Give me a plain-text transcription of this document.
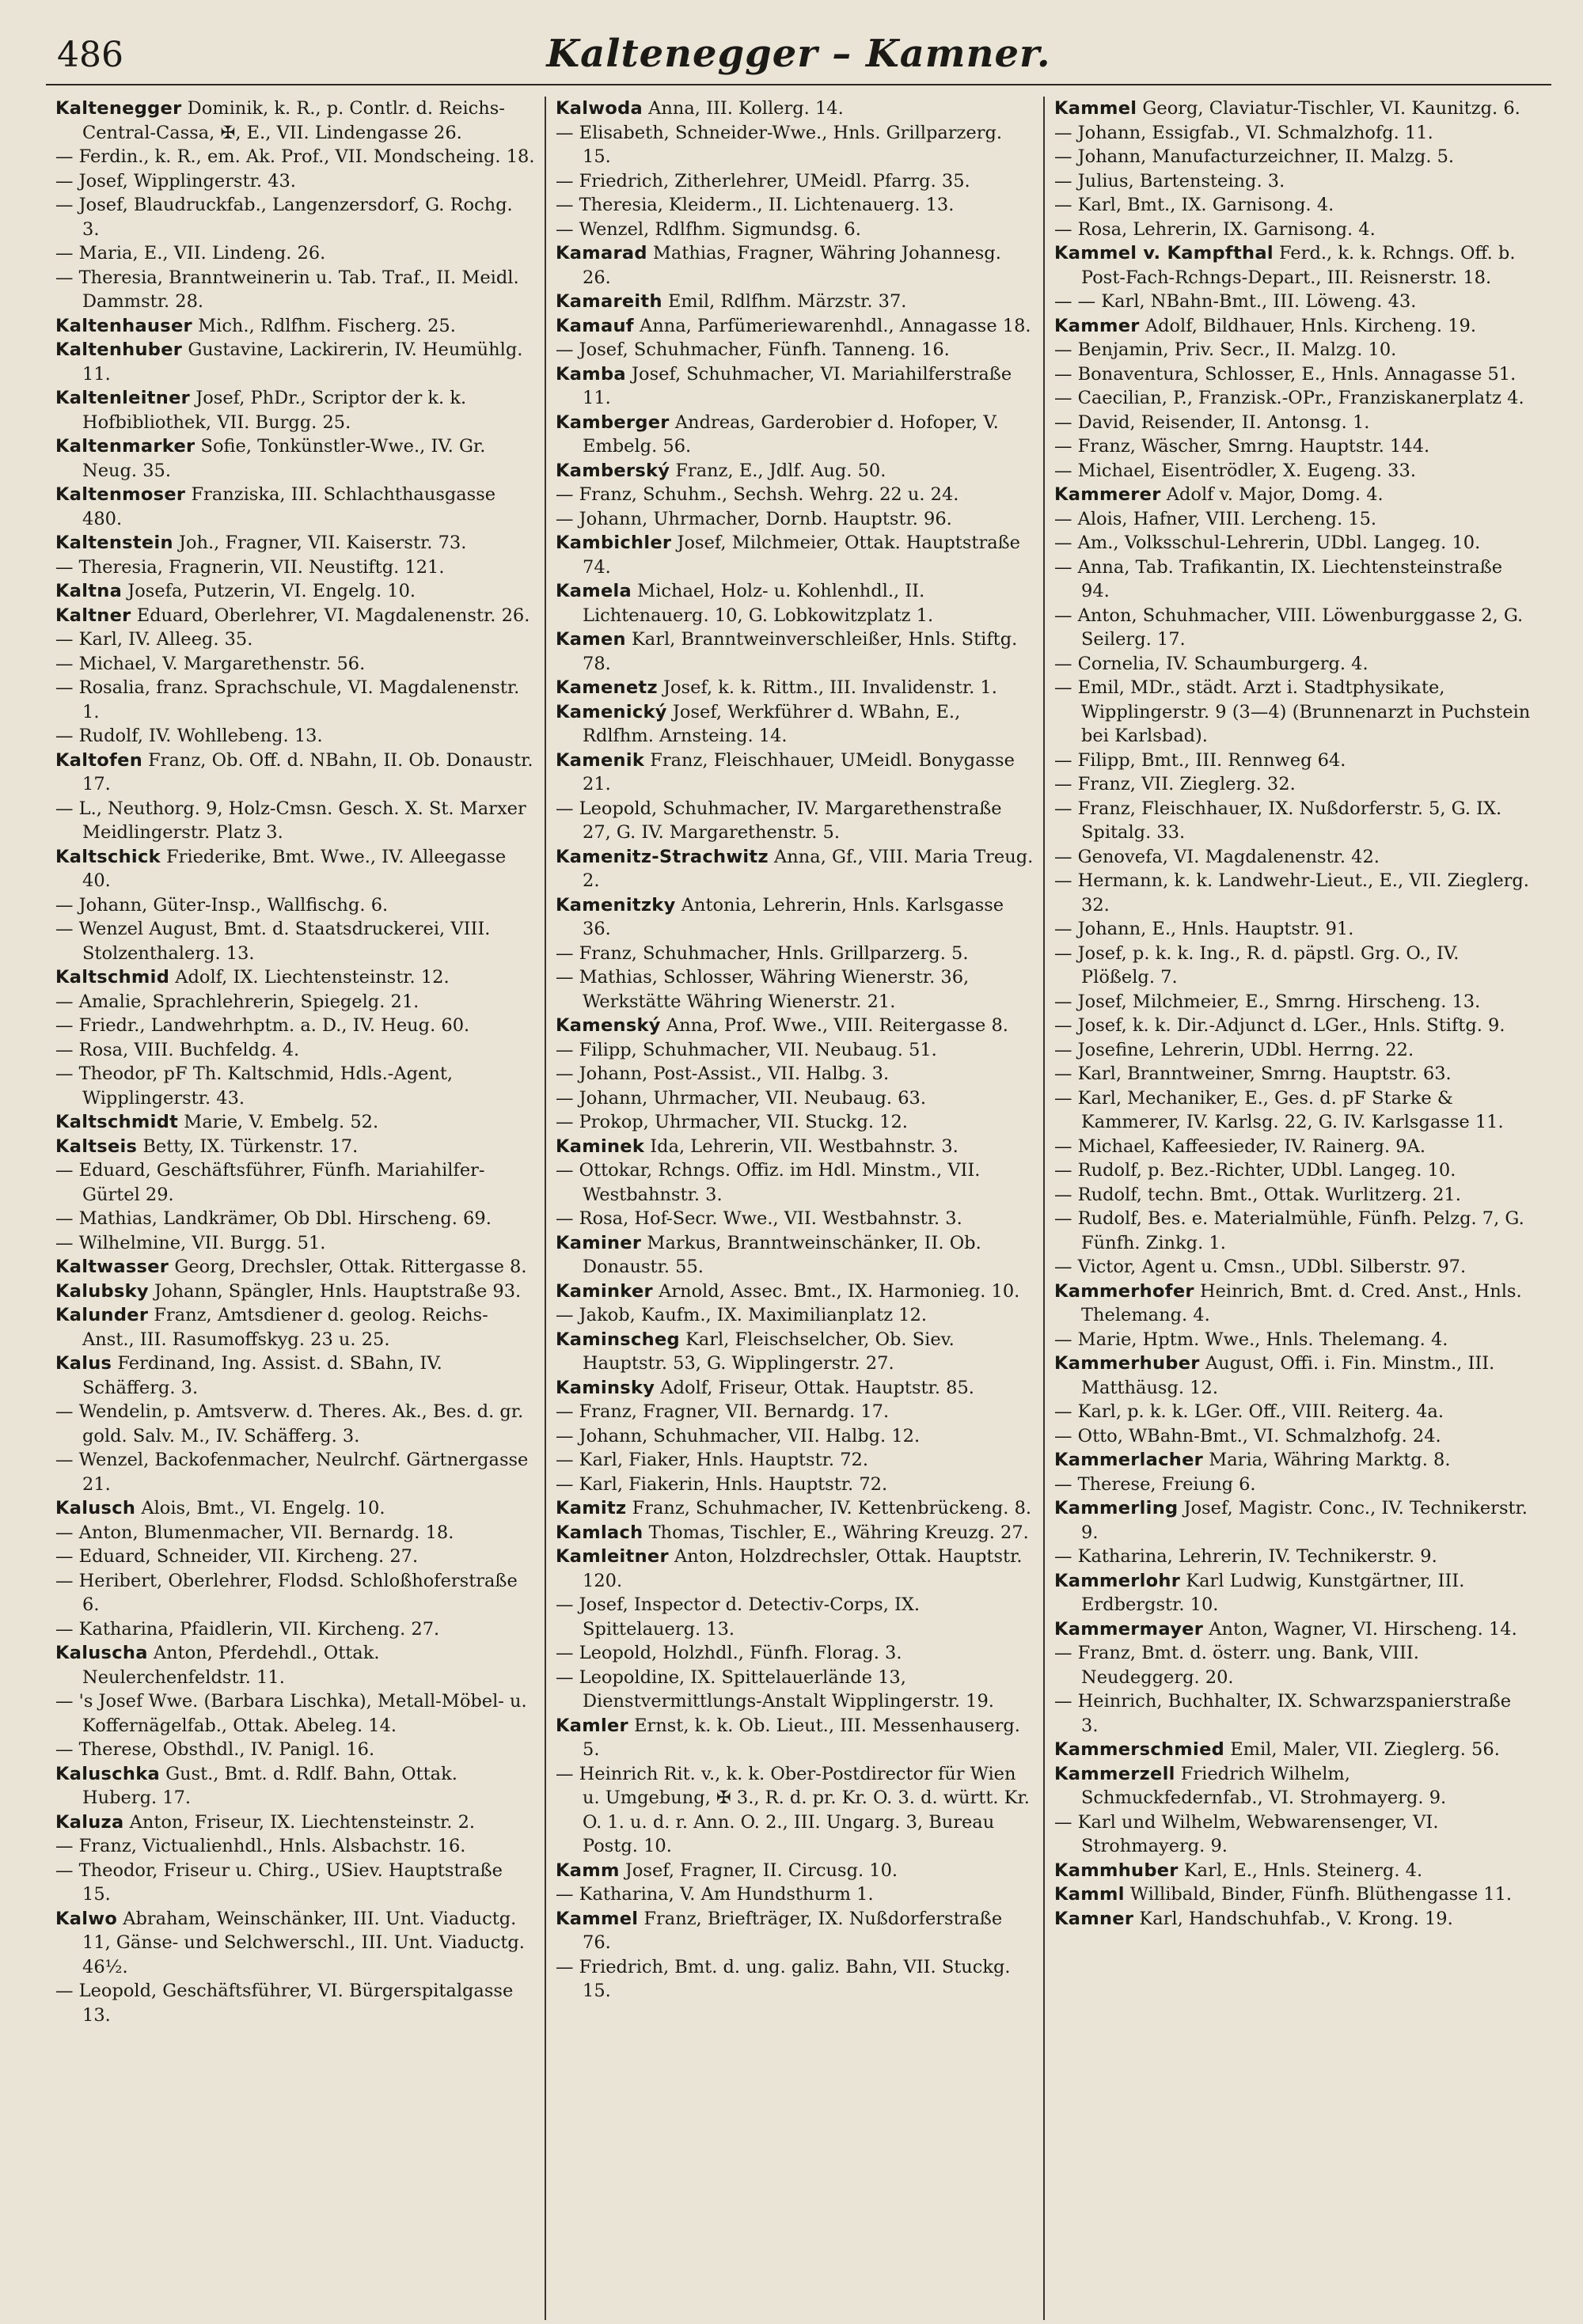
486	Kaltenegger – Kamner.

Kaltenegger Dominik, k. R., p. Contlr. d. Reichs-Central-Cassa, ✠, E., VII. Lindengasse 26.

— Ferdin., k. R., em. Ak. Prof., VII. Mondscheing. 18.

— Josef, Wipplingerstr. 43.

— Josef, Blaudruckfab., Langenzersdorf, G. Rochg. 3.

— Maria, E., VII. Lindeng. 26.

— Theresia, Branntweinerin u. Tab. Traf., II. Meidl. Dammstr. 28.

Kaltenhauser Mich., Rdlfhm. Fischerg. 25.

Kaltenhuber Gustavine, Lackirerin, IV. Heumühlg. 11.

Kaltenleitner Josef, PhDr., Scriptor der k. k. Hofbibliothek, VII. Burgg. 25.

Kaltenmarker Sofie, Tonkünstler-Wwe., IV. Gr. Neug. 35.

Kaltenmoser Franziska, III. Schlachthausgasse 480.

Kaltenstein Joh., Fragner, VII. Kaiserstr. 73.

— Theresia, Fragnerin, VII. Neustiftg. 121.

Kaltna Josefa, Putzerin, VI. Engelg. 10.

Kaltner Eduard, Oberlehrer, VI. Magdalenenstr. 26.

— Karl, IV. Alleeg. 35.

— Michael, V. Margarethenstr. 56.

— Rosalia, franz. Sprachschule, VI. Magdalenenstr. 1.

— Rudolf, IV. Wohllebeng. 13.

Kaltofen Franz, Ob. Off. d. NBahn, II. Ob. Donaustr. 17.

— L., Neuthorg. 9, Holz-Cmsn. Gesch. X. St. Marxer Meidlingerstr. Platz 3.

Kaltschick Friederike, Bmt. Wwe., IV. Alleegasse 40.

— Johann, Güter-Insp., Wallfischg. 6.

— Wenzel August, Bmt. d. Staatsdruckerei, VIII. Stolzenthalerg. 13.

Kaltschmid Adolf, IX. Liechtensteinstr. 12.

— Amalie, Sprachlehrerin, Spiegelg. 21.

— Friedr., Landwehrhptm. a. D., IV. Heug. 60.

— Rosa, VIII. Buchfeldg. 4.

— Theodor, pF Th. Kaltschmid, Hdls.-Agent, Wipplingerstr. 43.

Kaltschmidt Marie, V. Embelg. 52.

Kaltseis Betty, IX. Türkenstr. 17.

— Eduard, Geschäftsführer, Fünfh. Mariahilfer-Gürtel 29.

— Mathias, Landkrämer, Ob Dbl. Hirscheng. 69.

— Wilhelmine, VII. Burgg. 51.

Kaltwasser Georg, Drechsler, Ottak. Rittergasse 8.

Kalubsky Johann, Spängler, Hnls. Hauptstraße 93.

Kalunder Franz, Amtsdiener d. geolog. Reichs-Anst., III. Rasumoffskyg. 23 u. 25.

Kalus Ferdinand, Ing. Assist. d. SBahn, IV. Schäfferg. 3.

— Wendelin, p. Amtsverw. d. Theres. Ak., Bes. d. gr. gold. Salv. M., IV. Schäfferg. 3.

— Wenzel, Backofenmacher, Neulrchf. Gärtnergasse 21.

Kalusch Alois, Bmt., VI. Engelg. 10.

— Anton, Blumenmacher, VII. Bernardg. 18.

— Eduard, Schneider, VII. Kircheng. 27.

— Heribert, Oberlehrer, Flodsd. Schloßhoferstraße 6.

— Katharina, Pfaidlerin, VII. Kircheng. 27.

Kaluscha Anton, Pferdehdl., Ottak. Neulerchenfeldstr. 11.

— 's Josef Wwe. (Barbara Lischka), Metall-Möbel- u. Koffernägelfab., Ottak. Abeleg. 14.

— Therese, Obsthdl., IV. Panigl. 16.

Kaluschka Gust., Bmt. d. Rdlf. Bahn, Ottak. Huberg. 17.

Kaluza Anton, Friseur, IX. Liechtensteinstr. 2.

— Franz, Victualienhdl., Hnls. Alsbachstr. 16.

— Theodor, Friseur u. Chirg., USiev. Hauptstraße 15.

Kalwo Abraham, Weinschänker, III. Unt. Viaductg. 11, Gänse- und Selchwerschl., III. Unt. Viaductg. 46½.

— Leopold, Geschäftsführer, VI. Bürgerspitalgasse 13.

Kalwoda Anna, III. Kollerg. 14.

— Elisabeth, Schneider-Wwe., Hnls. Grillparzerg. 15.

— Friedrich, Zitherlehrer, UMeidl. Pfarrg. 35.

— Theresia, Kleiderm., II. Lichtenauerg. 13.

— Wenzel, Rdlfhm. Sigmundsg. 6.

Kamarad Mathias, Fragner, Währing Johannesg. 26.

Kamareith Emil, Rdlfhm. Märzstr. 37.

Kamauf Anna, Parfümeriewarenhdl., Annagasse 18.

— Josef, Schuhmacher, Fünfh. Tanneng. 16.

Kamba Josef, Schuhmacher, VI. Mariahilferstraße 11.

Kamberger Andreas, Garderobier d. Hofoper, V. Embelg. 56.

Kamberský Franz, E., Jdlf. Aug. 50.

— Franz, Schuhm., Sechsh. Wehrg. 22 u. 24.

— Johann, Uhrmacher, Dornb. Hauptstr. 96.

Kambichler Josef, Milchmeier, Ottak. Hauptstraße 74.

Kamela Michael, Holz- u. Kohlenhdl., II. Lichtenauerg. 10, G. Lobkowitzplatz 1.

Kamen Karl, Branntweinverschleißer, Hnls. Stiftg. 78.

Kamenetz Josef, k. k. Rittm., III. Invalidenstr. 1.

Kamenický Josef, Werkführer d. WBahn, E., Rdlfhm. Arnsteing. 14.

Kamenik Franz, Fleischhauer, UMeidl. Bonygasse 21.

— Leopold, Schuhmacher, IV. Margarethenstraße 27, G. IV. Margarethenstr. 5.

Kamenitz-Strachwitz Anna, Gf., VIII. Maria Treug. 2.

Kamenitzky Antonia, Lehrerin, Hnls. Karlsgasse 36.

— Franz, Schuhmacher, Hnls. Grillparzerg. 5.

— Mathias, Schlosser, Währing Wienerstr. 36, Werkstätte Währing Wienerstr. 21.

Kamenský Anna, Prof. Wwe., VIII. Reitergasse 8.

— Filipp, Schuhmacher, VII. Neubaug. 51.

— Johann, Post-Assist., VII. Halbg. 3.

— Johann, Uhrmacher, VII. Neubaug. 63.

— Prokop, Uhrmacher, VII. Stuckg. 12.

Kaminek Ida, Lehrerin, VII. Westbahnstr. 3.

— Ottokar, Rchngs. Offiz. im Hdl. Minstm., VII. Westbahnstr. 3.

— Rosa, Hof-Secr. Wwe., VII. Westbahnstr. 3.

Kaminer Markus, Branntweinschänker, II. Ob. Donaustr. 55.

Kaminker Arnold, Assec. Bmt., IX. Harmonieg. 10.

— Jakob, Kaufm., IX. Maximilianplatz 12.

Kaminscheg Karl, Fleischselcher, Ob. Siev. Hauptstr. 53, G. Wipplingerstr. 27.

Kaminsky Adolf, Friseur, Ottak. Hauptstr. 85.

— Franz, Fragner, VII. Bernardg. 17.

— Johann, Schuhmacher, VII. Halbg. 12.

— Karl, Fiaker, Hnls. Hauptstr. 72.

— Karl, Fiakerin, Hnls. Hauptstr. 72.

Kamitz Franz, Schuhmacher, IV. Kettenbrückeng. 8.

Kamlach Thomas, Tischler, E., Währing Kreuzg. 27.

Kamleitner Anton, Holzdrechsler, Ottak. Hauptstr. 120.

— Josef, Inspector d. Detectiv-Corps, IX. Spittelauerg. 13.

— Leopold, Holzhdl., Fünfh. Florag. 3.

— Leopoldine, IX. Spittelauerlände 13, Dienstvermittlungs-Anstalt Wipplingerstr. 19.

Kamler Ernst, k. k. Ob. Lieut., III. Messenhauserg. 5.

— Heinrich Rit. v., k. k. Ober-Postdirector für Wien u. Umgebung, ✠ 3., R. d. pr. Kr. O. 3. d. württ. Kr. O. 1. u. d. r. Ann. O. 2., III. Ungarg. 3, Bureau Postg. 10.

Kamm Josef, Fragner, II. Circusg. 10.

— Katharina, V. Am Hundsthurm 1.

Kammel Franz, Briefträger, IX. Nußdorferstraße 76.

— Friedrich, Bmt. d. ung. galiz. Bahn, VII. Stuckg. 15.

Kammel Georg, Claviatur-Tischler, VI. Kaunitzg. 6.

— Johann, Essigfab., VI. Schmalzhofg. 11.

— Johann, Manufacturzeichner, II. Malzg. 5.

— Julius, Bartensteing. 3.

— Karl, Bmt., IX. Garnisong. 4.

— Rosa, Lehrerin, IX. Garnisong. 4.

Kammel v. Kampfthal Ferd., k. k. Rchngs. Off. b. Post-Fach-Rchngs-Depart., III. Reisnerstr. 18.

— — Karl, NBahn-Bmt., III. Löweng. 43.

Kammer Adolf, Bildhauer, Hnls. Kircheng. 19.

— Benjamin, Priv. Secr., II. Malzg. 10.

— Bonaventura, Schlosser, E., Hnls. Annagasse 51.

— Caecilian, P., Franzisk.-OPr., Franziskanerplatz 4.

— David, Reisender, II. Antonsg. 1.

— Franz, Wäscher, Smrng. Hauptstr. 144.

— Michael, Eisentrödler, X. Eugeng. 33.

Kammerer Adolf v. Major, Domg. 4.

— Alois, Hafner, VIII. Lercheng. 15.

— Am., Volksschul-Lehrerin, UDbl. Langeg. 10.

— Anna, Tab. Trafikantin, IX. Liechtensteinstraße 94.

— Anton, Schuhmacher, VIII. Löwenburggasse 2, G. Seilerg. 17.

— Cornelia, IV. Schaumburgerg. 4.

— Emil, MDr., städt. Arzt i. Stadtphysikate, Wipplingerstr. 9 (3—4) (Brunnenarzt in Puchstein bei Karlsbad).

— Filipp, Bmt., III. Rennweg 64.

— Franz, VII. Zieglerg. 32.

— Franz, Fleischhauer, IX. Nußdorferstr. 5, G. IX. Spitalg. 33.

— Genovefa, VI. Magdalenenstr. 42.

— Hermann, k. k. Landwehr-Lieut., E., VII. Zieglerg. 32.

— Johann, E., Hnls. Hauptstr. 91.

— Josef, p. k. k. Ing., R. d. päpstl. Grg. O., IV. Plößelg. 7.

— Josef, Milchmeier, E., Smrng. Hirscheng. 13.

— Josef, k. k. Dir.-Adjunct d. LGer., Hnls. Stiftg. 9.

— Josefine, Lehrerin, UDbl. Herrng. 22.

— Karl, Branntweiner, Smrng. Hauptstr. 63.

— Karl, Mechaniker, E., Ges. d. pF Starke & Kammerer, IV. Karlsg. 22, G. IV. Karlsgasse 11.

— Michael, Kaffeesieder, IV. Rainerg. 9A.

— Rudolf, p. Bez.-Richter, UDbl. Langeg. 10.

— Rudolf, techn. Bmt., Ottak. Wurlitzerg. 21.

— Rudolf, Bes. e. Materialmühle, Fünfh. Pelzg. 7, G. Fünfh. Zinkg. 1.

— Victor, Agent u. Cmsn., UDbl. Silberstr. 97.

Kammerhofer Heinrich, Bmt. d. Cred. Anst., Hnls. Thelemang. 4.

— Marie, Hptm. Wwe., Hnls. Thelemang. 4.

Kammerhuber August, Offi. i. Fin. Minstm., III. Matthäusg. 12.

— Karl, p. k. k. LGer. Off., VIII. Reiterg. 4a.

— Otto, WBahn-Bmt., VI. Schmalzhofg. 24.

Kammerlacher Maria, Währing Marktg. 8.

— Therese, Freiung 6.

Kammerling Josef, Magistr. Conc., IV. Technikerstr. 9.

— Katharina, Lehrerin, IV. Technikerstr. 9.

Kammerlohr Karl Ludwig, Kunstgärtner, III. Erdbergstr. 10.

Kammermayer Anton, Wagner, VI. Hirscheng. 14.

— Franz, Bmt. d. österr. ung. Bank, VIII. Neudeggerg. 20.

— Heinrich, Buchhalter, IX. Schwarzspanierstraße 3.

Kammerschmied Emil, Maler, VII. Zieglerg. 56.

Kammerzell Friedrich Wilhelm, Schmuckfedernfab., VI. Strohmayerg. 9.

— Karl und Wilhelm, Webwarensenger, VI. Strohmayerg. 9.

Kammhuber Karl, E., Hnls. Steinerg. 4.

Kamml Willibald, Binder, Fünfh. Blüthengasse 11.

Kamner Karl, Handschuhfab., V. Krong. 19.
